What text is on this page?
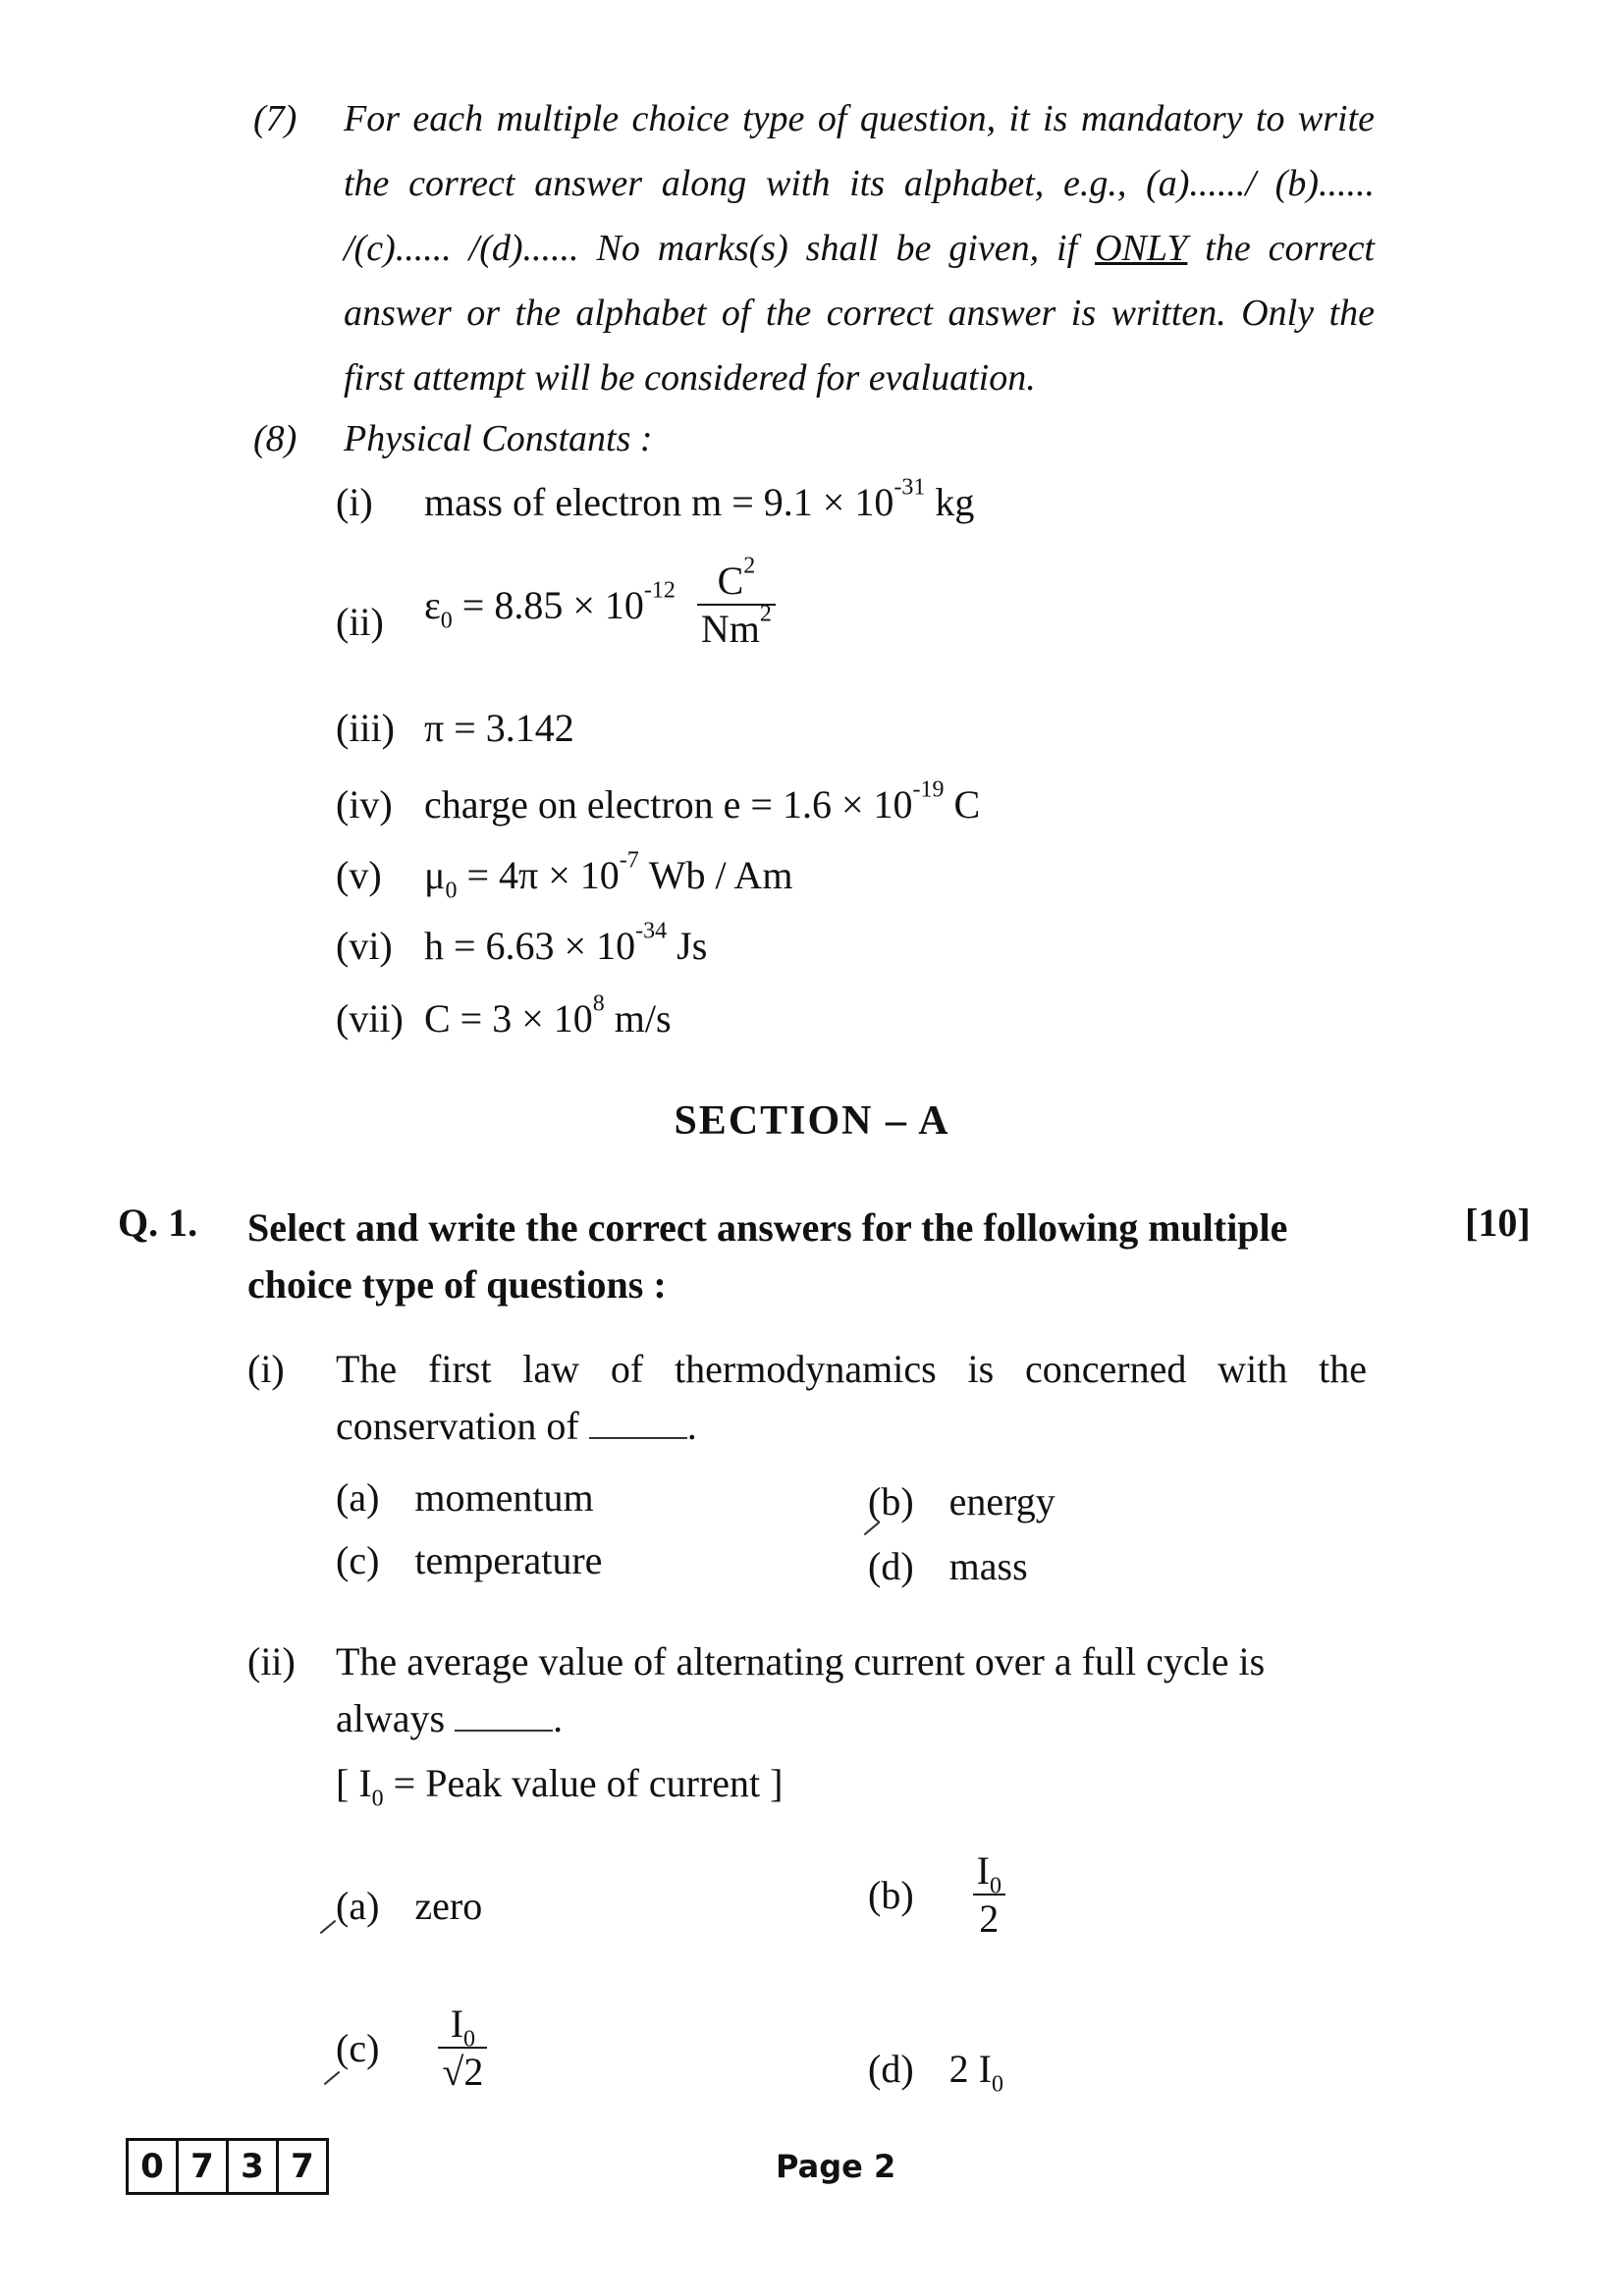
(7) For each multiple choice type of question, it is mandatory to write the correct answer along with its alphabet, e.g., (a)....../ (b)...... /(c)...... /(d)...... No marks(s) shall be given, if ONLY the correct answer or the alphabet of the correct answer is written. Only the first attempt will be considered for evaluation.
(8) Physical Constants :
(i) mass of electron $m = 9.1 \times 10^{-31}$ kg
(ii) $\varepsilon_0 = 8.85 \times 10^{-12} \frac{C^2}{Nm^2}$
(iii) π = 3.142
(iv) charge on electron $e = 1.6 \times 10^{-19}$ C
(v) $\mu_0 = 4\pi \times 10^{-7}$ Wb / Am
(vi) $h = 6.63 \times 10^{-34}$ Js
(vii) $C = 3 \times 10^8$ m/s
SECTION – A
Q. 1. Select and write the correct answers for the following multiple choice type of questions :
[10]
(i) The first law of thermodynamics is concerned with the conservation of	.
(a) momentum	(b) energy
(c) temperature	(d) mass
(ii) The average value of alternating current over a full cycle is always	.
[ $I_0$ = Peak value of current ]
(a) zero	$(b) \frac{I_0}{2}$
$(c) \frac{I_0}{√2}$	(d) 2 $I_0$
0 7 3 7	Page 2
